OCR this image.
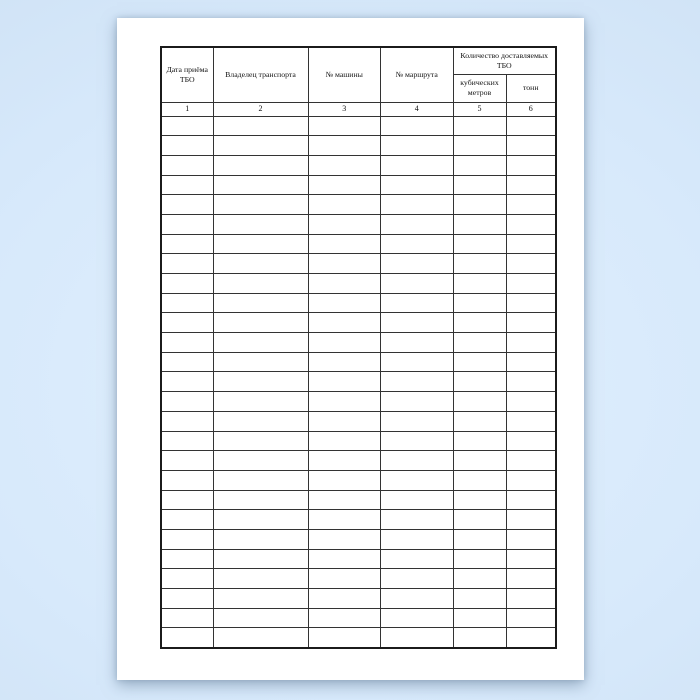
Дата приёма ТБО	Владелец транспорта	№ машины	№ маршрута	Количество доставляемых ТБО	
				кубических метров	тонн
1	2	3	4	5	6
